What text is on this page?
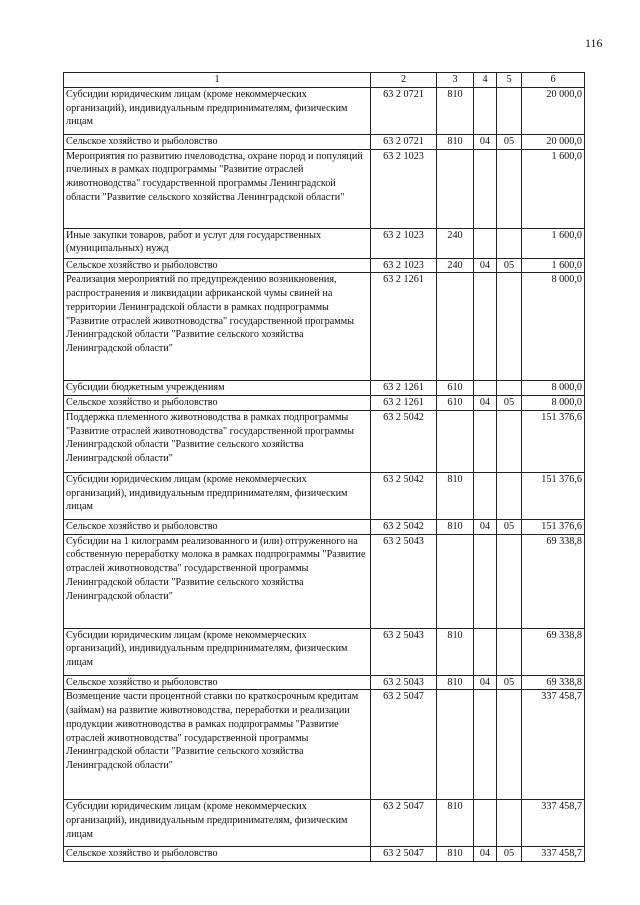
116
1	2	3	4	5	6
Субсидии юридическим лицам (кроме некоммерческих организаций), индивидуальным предпринимателям, физическим лицам	63 2 0721	810			20 000,0
Сельское хозяйство и рыболовство	63 2 0721	810	04	05	20 000,0
Мероприятия по развитию пчеловодства, охране пород и популяций пчелиных в рамках подпрограммы "Развитие отраслей животноводства" государственной программы Ленинградской области "Развитие сельского хозяйства Ленинградской области"	63 2 1023				1 600,0
Иные закупки товаров, работ и услуг для государственных (муниципальных) нужд	63 2 1023	240			1 600,0
Сельское хозяйство и рыболовство	63 2 1023	240	04	05	1 600,0
Реализация мероприятий по предупреждению возникновения, распространения и ликвидации африканской чумы свиней на территории Ленинградской области в рамках подпрограммы "Развитие отраслей животноводства" государственной программы Ленинградской области "Развитие сельского хозяйства Ленинградской области"	63 2 1261				8 000,0
Субсидии бюджетным учреждениям	63 2 1261	610			8 000,0
Сельское хозяйство и рыболовство	63 2 1261	610	04	05	8 000,0
Поддержка племенного животноводства в рамках подпрограммы "Развитие отраслей животноводства" государственной программы Ленинградской области "Развитие сельского хозяйства Ленинградской области"	63 2 5042				151 376,6
Субсидии юридическим лицам (кроме некоммерческих организаций), индивидуальным предпринимателям, физическим лицам	63 2 5042	810			151 376,6
Сельское хозяйство и рыболовство	63 2 5042	810	04	05	151 376,6
Субсидии на 1 килограмм реализованного и (или) отгруженного на собственную переработку молока в рамках подпрограммы "Развитие отраслей животноводства" государственной программы Ленинградской области "Развитие сельского хозяйства Ленинградской области"	63 2 5043				69 338,8
Субсидии юридическим лицам (кроме некоммерческих организаций), индивидуальным предпринимателям, физическим лицам	63 2 5043	810			69 338,8
Сельское хозяйство и рыболовство	63 2 5043	810	04	05	69 338,8
Возмещение части процентной ставки по краткосрочным кредитам (займам) на развитие животноводства, переработки и реализации продукции животноводства в рамках подпрограммы "Развитие отраслей животноводства" государственной программы Ленинградской области "Развитие сельского хозяйства Ленинградской области"	63 2 5047				337 458,7
Субсидии юридическим лицам (кроме некоммерческих организаций), индивидуальным предпринимателям, физическим лицам	63 2 5047	810			337 458,7
Сельское хозяйство и рыболовство	63 2 5047	810	04	05	337 458,7
